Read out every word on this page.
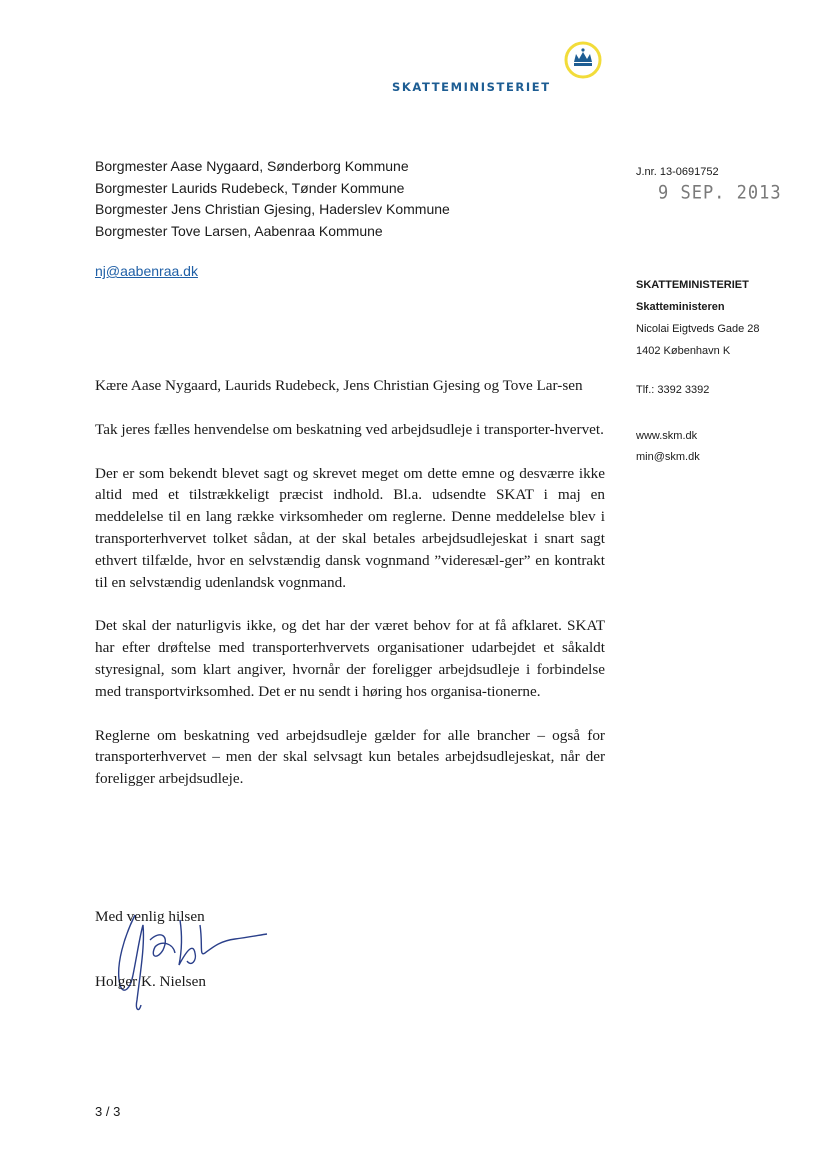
SKATTEMINISTERIET
Borgmester Aase Nygaard, Sønderborg Kommune
Borgmester Laurids Rudebeck, Tønder Kommune
Borgmester Jens Christian Gjesing, Haderslev Kommune
Borgmester Tove Larsen, Aabenraa Kommune
nj@aabenraa.dk
J.nr. 13-0691752
9 SEP. 2013
SKATTEMINISTERIET
Skatteministeren
Nicolai Eigtveds Gade 28
1402 København K
Tlf.: 3392 3392
www.skm.dk
min@skm.dk

Kære Aase Nygaard, Laurids Rudebeck, Jens Christian Gjesing og Tove Lar-sen

Tak jeres fælles henvendelse om beskatning ved arbejdsudleje i transporter-hvervet.

Der er som bekendt blevet sagt og skrevet meget om dette emne og desværre ikke altid med et tilstrækkeligt præcist indhold. Bl.a. udsendte SKAT i maj en meddelelse til en lang række virksomheder om reglerne. Denne meddelelse blev i transporterhvervet tolket sådan, at der skal betales arbejdsudlejeskat i snart sagt ethvert tilfælde, hvor en selvstændig dansk vognmand ”videresæl-ger” en kontrakt til en selvstændig udenlandsk vognmand.

Det skal der naturligvis ikke, og det har der været behov for at få afklaret. SKAT har efter drøftelse med transporterhvervets organisationer udarbejdet et såkaldt styresignal, som klart angiver, hvornår der foreligger arbejdsudleje i forbindelse med transportvirksomhed. Det er nu sendt i høring hos organisa-tionerne.

Reglerne om beskatning ved arbejdsudleje gælder for alle brancher – også for transporterhvervet – men der skal selvsagt kun betales arbejdsudlejeskat, når der foreligger arbejdsudleje.

Med venlig hilsen
Holger K. Nielsen
3 / 3
